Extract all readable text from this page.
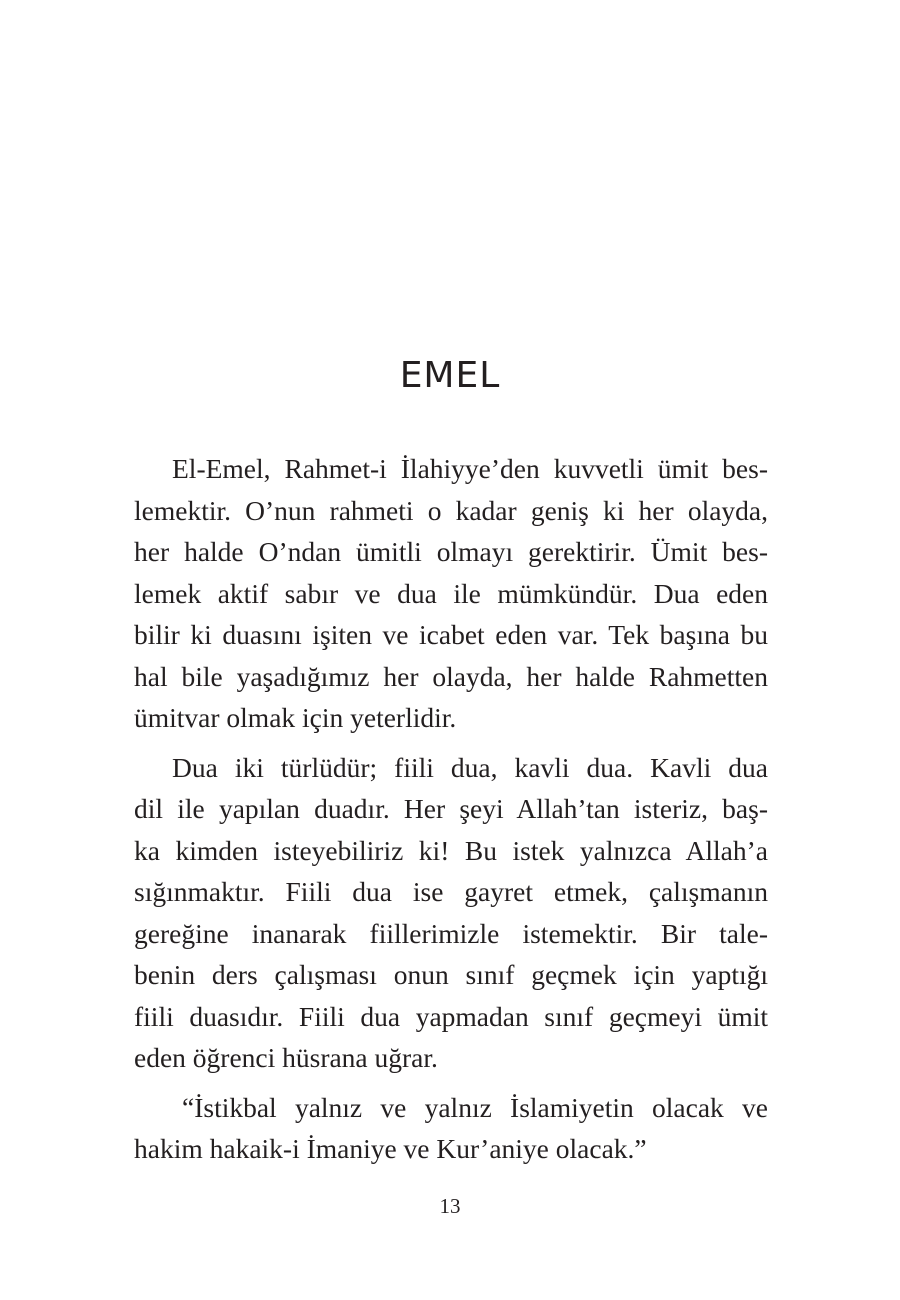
EMEL

El-Emel, Rahmet-i İlahiyye’den kuvvetli ümit bes-
lemektir. O’nun rahmeti o kadar geniş ki her olayda,
her halde O’ndan ümitli olmayı gerektirir. Ümit bes-
lemek aktif sabır ve dua ile mümkündür. Dua eden
bilir ki duasını işiten ve icabet eden var. Tek başına bu
hal bile yaşadığımız her olayda, her halde Rahmetten
ümitvar olmak için yeterlidir.

Dua iki türlüdür; fiili dua, kavli dua. Kavli dua
dil ile yapılan duadır. Her şeyi Allah’tan isteriz, baş-
ka kimden isteyebiliriz ki! Bu istek yalnızca Allah’a
sığınmaktır. Fiili dua ise gayret etmek, çalışmanın
gereğine inanarak fiillerimizle istemektir. Bir tale-
benin ders çalışması onun sınıf geçmek için yaptığı
fiili duasıdır. Fiili dua yapmadan sınıf geçmeyi ümit
eden öğrenci hüsrana uğrar.

“İstikbal yalnız ve yalnız İslamiyetin olacak ve
hakim hakaik-i İmaniye ve Kur’aniye olacak.”

13
